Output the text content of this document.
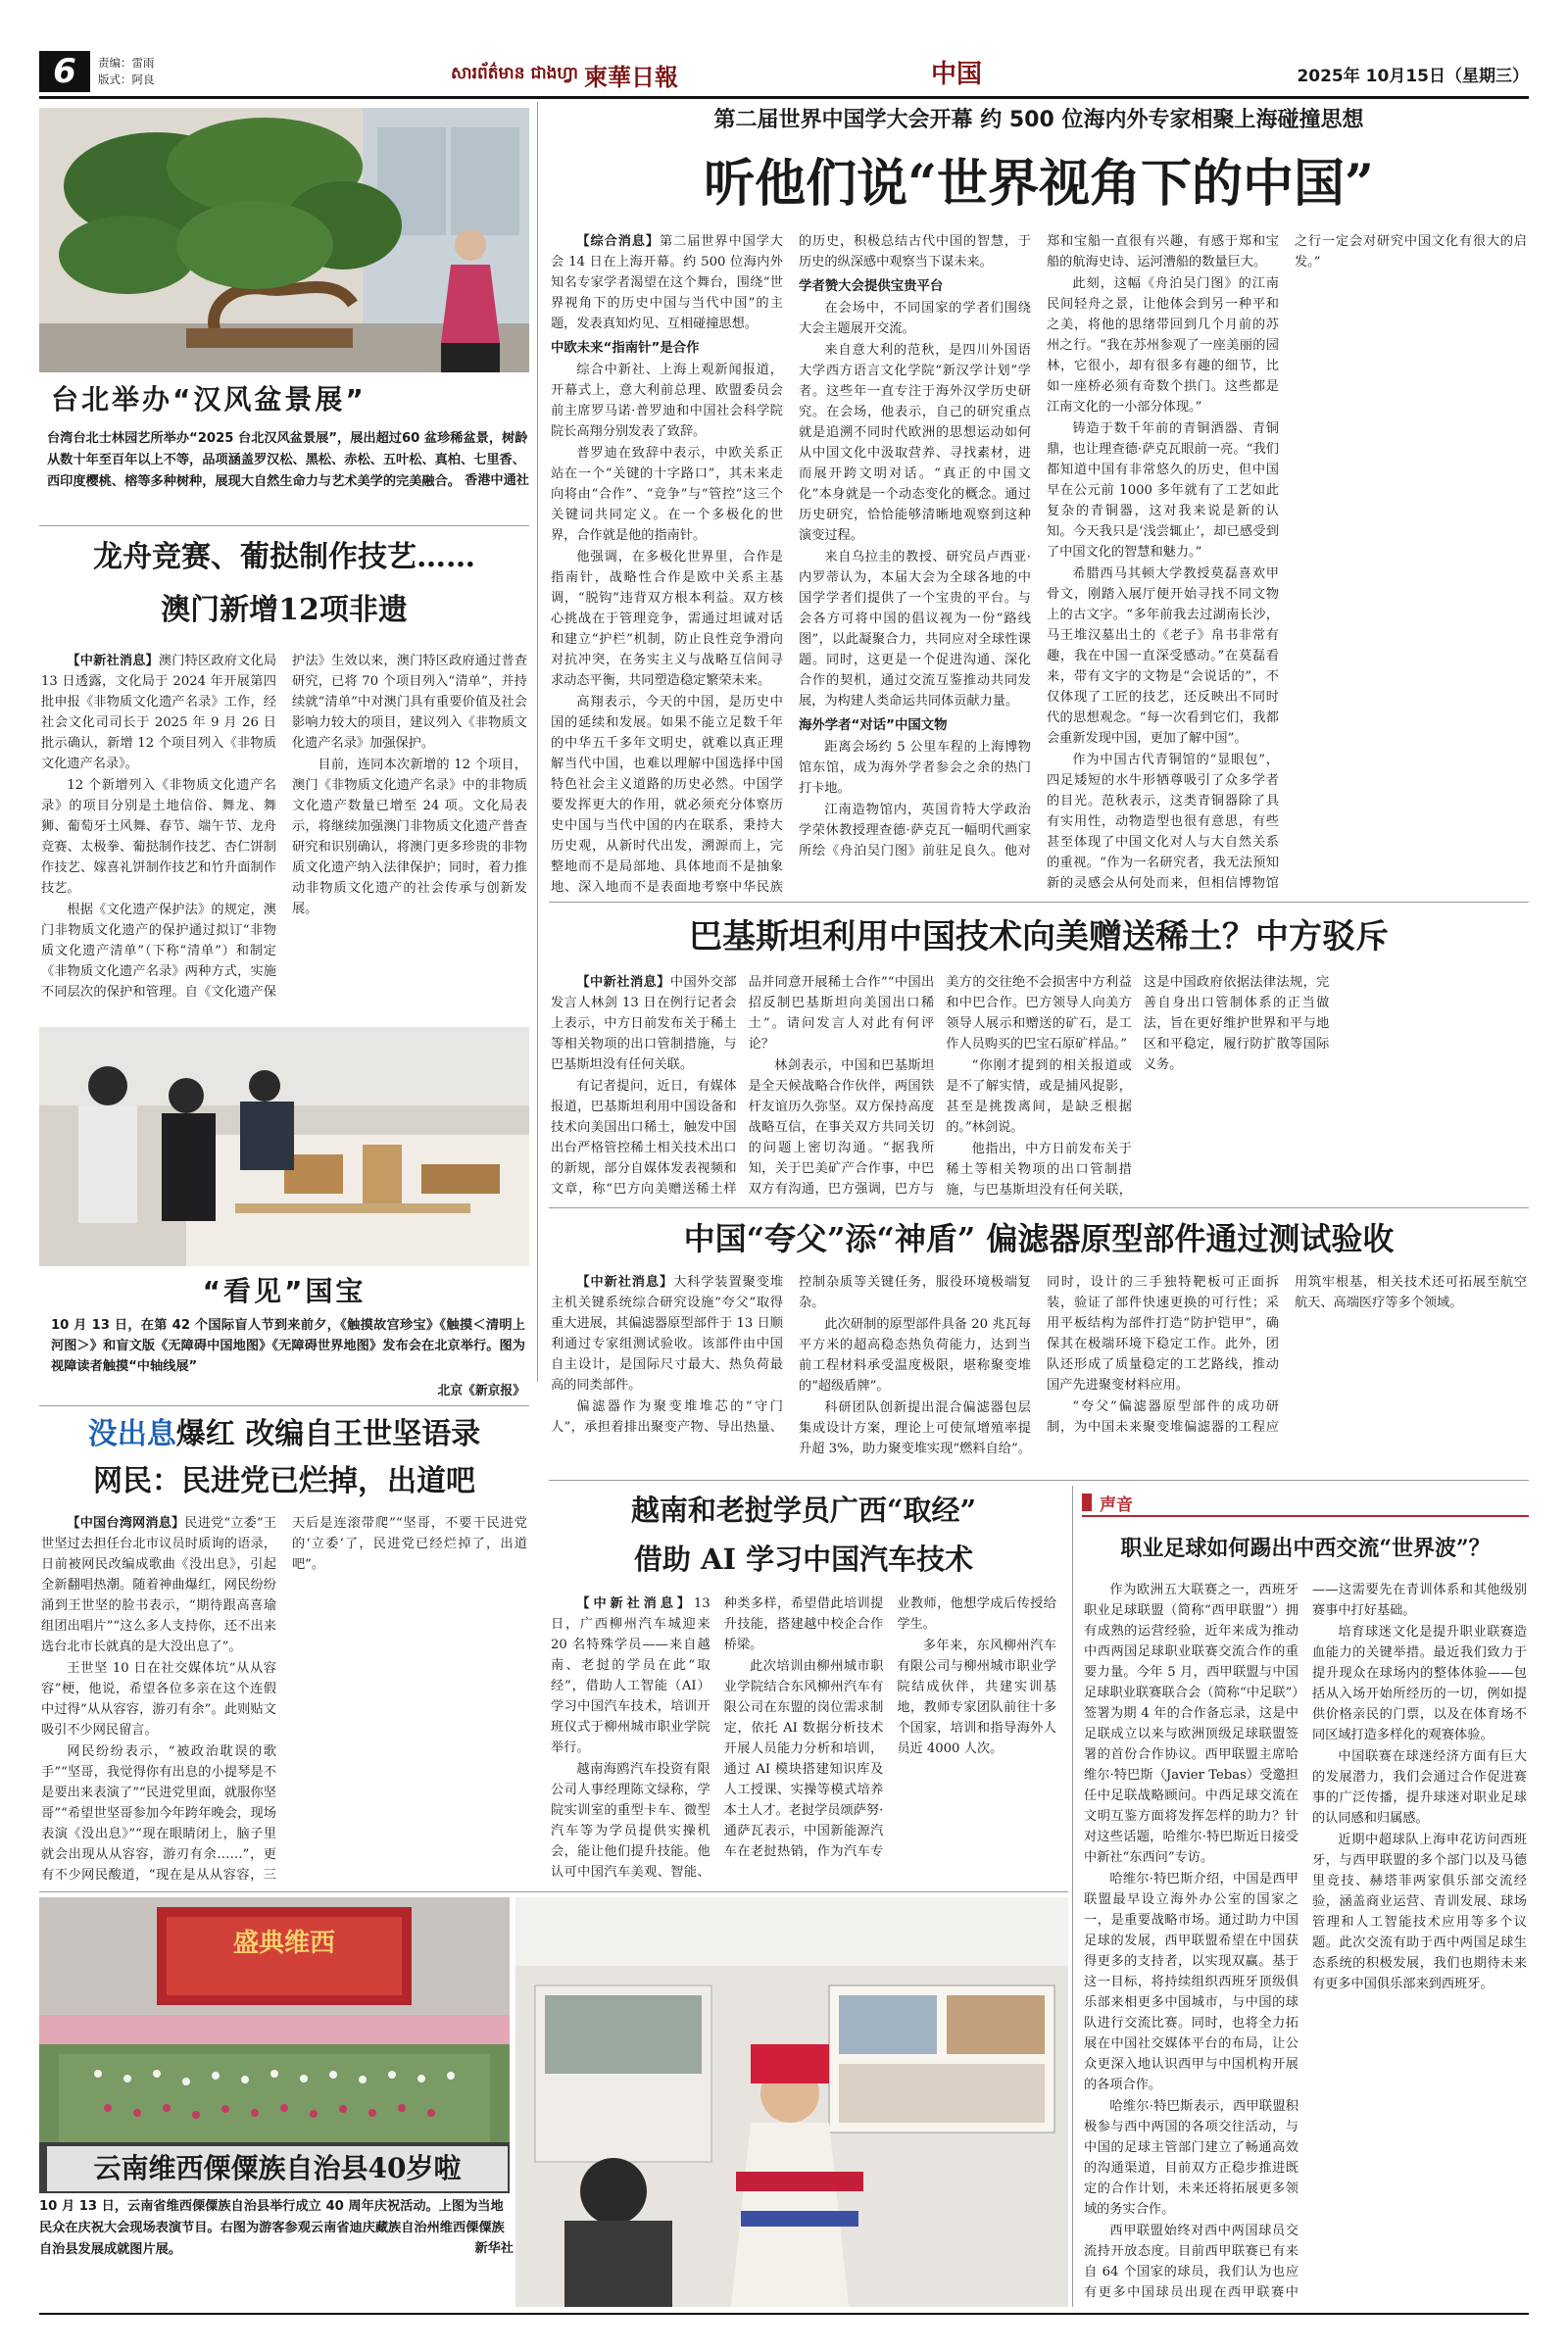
6	责编：雷雨
版式：阿良	សារព័ត៌មាន ជាងហ្វា 柬華日報	中国	2025年 10月15日（星期三）
台北举办“汉风盆景展”
台湾台北士林园艺所举办“2025 台北汉风盆景展”，展出超过60 盆珍稀盆景，树龄从数十年至百年以上不等，品项涵盖罗汉松、黑松、赤松、五叶松、真柏、七里香、西印度樱桃、榕等多种树种，展现大自然生命力与艺术美学的完美融合。 香港中通社
龙舟竞赛、葡挞制作技艺……
澳门新增12项非遗

【中新社消息】澳门特区政府文化局 13 日透露，文化局于 2024 年开展第四批申报《非物质文化遗产名录》工作，经社会文化司司长于 2025 年 9 月 26 日批示确认，新增 12 个项目列入《非物质文化遗产名录》。

12 个新增列入《非物质文化遗产名录》的项目分别是土地信俗、舞龙、舞狮、葡萄牙土风舞、春节、端午节、龙舟竞赛、太极拳、葡挞制作技艺、杏仁饼制作技艺、嫁喜礼饼制作技艺和竹升面制作技艺。

根据《文化遗产保护法》的规定，澳门非物质文化遗产的保护通过拟订“非物质文化遗产清单”（下称“清单”）和制定《非物质文化遗产名录》两种方式，实施不同层次的保护和管理。自《文化遗产保护法》生效以来，澳门特区政府通过普查研究，已将 70 个项目列入“清单”，并持续就“清单”中对澳门具有重要价值及社会影响力较大的项目，建议列入《非物质文化遗产名录》加强保护。

目前，连同本次新增的 12 个项目，澳门《非物质文化遗产名录》中的非物质文化遗产数量已增至 24 项。文化局表示，将继续加强澳门非物质文化遗产普查研究和识别确认，将澳门更多珍贵的非物质文化遗产纳入法律保护；同时，着力推动非物质文化遗产的社会传承与创新发展。

“看见”国宝
10 月 13 日，在第 42 个国际盲人节到来前夕，《触摸故宫珍宝》《触摸＜清明上河图＞》和盲文版《无障碍中国地图》《无障碍世界地图》发布会在北京举行。图为视障读者触摸“中轴线展”
北京《新京报》
没出息爆红 改编自王世坚语录
网民：民进党已烂掉，出道吧

【中国台湾网消息】民进党“立委”王世坚过去担任台北市议员时质询的语录，日前被网民改编成歌曲《没出息》，引起全新翻唱热潮。随着神曲爆红，网民纷纷涌到王世坚的脸书表示，“期待跟高喜瑜组团出唱片”“这么多人支持你，还不出来选台北市长就真的是大没出息了”。

王世坚 10 日在社交媒体坑“从从容容”梗，他说，希望各位多亲在这个连假中过得“从从容容，游刃有余”。此则贴文吸引不少网民留言。

网民纷纷表示，“被政治耽误的歌手”“坚哥，我觉得你有出息的小提琴是不是要出来表演了”“民进党里面，就服你坚哥”“希望世坚哥参加今年跨年晚会，现场表演《没出息》”“现在眼睛闭上，脑子里就会出现从从容容，游刃有余……”，更有不少网民酸道，“现在是从从容容，三天后是连滚带爬”“坚哥，不要干民进党的‘立委’了，民进党已经烂掉了，出道吧”。

第二届世界中国学大会开幕 约 500 位海内外专家相聚上海碰撞思想
听他们说“世界视角下的中国”

【综合消息】第二届世界中国学大会 14 日在上海开幕。约 500 位海内外知名专家学者渴望在这个舞台，围绕“世界视角下的历史中国与当代中国”的主题，发表真知灼见、互相碰撞思想。

中欧未来“指南针”是合作

综合中新社、上海上观新闻报道，开幕式上，意大利前总理、欧盟委员会前主席罗马诺·普罗迪和中国社会科学院院长高翔分别发表了致辞。

普罗迪在致辞中表示，中欧关系正站在一个“关键的十字路口”，其未来走向将由“合作”、“竞争”与“管控”这三个关键词共同定义。在一个多极化的世界，合作就是他的指南针。

他强调，在多极化世界里，合作是指南针，战略性合作是欧中关系主基调，“脱钩”违背双方根本利益。双方核心挑战在于管理竞争，需通过坦诚对话和建立“护栏”机制，防止良性竞争滑向对抗冲突，在务实主义与战略互信间寻求动态平衡，共同塑造稳定繁荣未来。

高翔表示，今天的中国，是历史中国的延续和发展。如果不能立足数千年的中华五千多年文明史，就难以真正理解当代中国，也难以理解中国选择中国特色社会主义道路的历史必然。中国学要发挥更大的作用，就必须充分体察历史中国与当代中国的内在联系，秉持大历史观，从新时代出发，溯源而上，完整地而不是局部地、具体地而不是抽象地、深入地而不是表面地考察中华民族的历史，积极总结古代中国的智慧，于历史的纵深感中观察当下谋未来。

学者赞大会提供宝贵平台

在会场中，不同国家的学者们围绕大会主题展开交流。

来自意大利的范秋，是四川外国语大学西方语言文化学院“新汉学计划”学者。这些年一直专注于海外汉学历史研究。在会场，他表示，自己的研究重点就是追溯不同时代欧洲的思想运动如何从中国文化中汲取营养、寻找素材，进而展开跨文明对话。“真正的中国文化”本身就是一个动态变化的概念。通过历史研究，恰恰能够清晰地观察到这种演变过程。

来自乌拉圭的教授、研究员卢西亚·内罗蒂认为，本届大会为全球各地的中国学学者们提供了一个宝贵的平台。与会各方可将中国的倡议视为一份“路线图”，以此凝聚合力，共同应对全球性课题。同时，这更是一个促进沟通、深化合作的契机，通过交流互鉴推动共同发展，为构建人类命运共同体贡献力量。

海外学者“对话”中国文物

距离会场约 5 公里车程的上海博物馆东馆，成为海外学者参会之余的热门打卡地。

江南造物馆内，英国肯特大学政治学荣休教授理查德·萨克瓦一幅明代画家所绘《舟泊吴门图》前驻足良久。他对郑和宝船一直很有兴趣，有感于郑和宝船的航海史诗、运河漕船的数量巨大。

此刻，这幅《舟泊吴门图》的江南民间轻舟之景，让他体会到另一种平和之美，将他的思绪带回到几个月前的苏州之行。“我在苏州参观了一座美丽的园林，它很小，却有很多有趣的细节，比如一座桥必须有奇数个拱门。这些都是江南文化的一小部分体现。”

铸造于数千年前的青铜酒器、青铜鼎，也让理查德·萨克瓦眼前一亮。“我们都知道中国有非常悠久的历史，但中国早在公元前 1000 多年就有了工艺如此复杂的青铜器，这对我来说是新的认知。今天我只是‘浅尝辄止’，却已感受到了中国文化的智慧和魅力。”

希腊西马其顿大学教授莫磊喜欢甲骨文，刚踏入展厅便开始寻找不同文物上的古文字。“多年前我去过湖南长沙，马王堆汉墓出土的《老子》帛书非常有趣，我在中国一直深受感动。”在莫磊看来，带有文字的文物是“会说话的”，不仅体现了工匠的技艺，还反映出不同时代的思想观念。“每一次看到它们，我都会重新发现中国，更加了解中国”。

作为中国古代青铜馆的“显眼包”，四足矮短的水牛形牺尊吸引了众多学者的目光。范秋表示，这类青铜器除了具有实用性，动物造型也很有意思，有些甚至体现了中国文化对人与大自然关系的重视。“作为一名研究者，我无法预知新的灵感会从何处而来，但相信博物馆之行一定会对研究中国文化有很大的启发。”

巴基斯坦利用中国技术向美赠送稀土？中方驳斥

【中新社消息】中国外交部发言人林剑 13 日在例行记者会上表示，中方日前发布关于稀土等相关物项的出口管制措施，与巴基斯坦没有任何关联。

有记者提问，近日，有媒体报道，巴基斯坦利用中国设备和技术向美国出口稀土，触发中国出台严格管控稀土相关技术出口的新规，部分自媒体发表视频和文章，称“巴方向美赠送稀土样品并同意开展稀土合作”“中国出招反制巴基斯坦向美国出口稀土”。请问发言人对此有何评论？

林剑表示，中国和巴基斯坦是全天候战略合作伙伴，两国铁杆友谊历久弥坚。双方保持高度战略互信，在事关双方共同关切的问题上密切沟通。“据我所知，关于巴美矿产合作事，中巴双方有沟通，巴方强调，巴方与美方的交往绝不会损害中方利益和中巴合作。巴方领导人向美方领导人展示和赠送的矿石，是工作人员购买的巴宝石原矿样品。”

“你刚才提到的相关报道或是不了解实情，或是捕风捉影，甚至是挑拨离间，是缺乏根据的。”林剑说。

他指出，中方日前发布关于稀土等相关物项的出口管制措施，与巴基斯坦没有任何关联，这是中国政府依据法律法规，完善自身出口管制体系的正当做法，旨在更好维护世界和平与地区和平稳定，履行防扩散等国际义务。

中国“夸父”添“神盾” 偏滤器原型部件通过测试验收

【中新社消息】大科学装置聚变堆主机关键系统综合研究设施“夸父”取得重大进展，其偏滤器原型部件于 13 日顺利通过专家组测试验收。该部件由中国自主设计，是国际尺寸最大、热负荷最高的同类部件。

偏滤器作为聚变堆堆芯的“守门人”，承担着排出聚变产物、导出热量、控制杂质等关键任务，服役环境极端复杂。

此次研制的原型部件具备 20 兆瓦每平方米的超高稳态热负荷能力，达到当前工程材料承受温度极限，堪称聚变堆的“超级盾牌”。

科研团队创新提出混合偏滤器包层集成设计方案，理论上可使氚增殖率提升超 3%，助力聚变堆实现“燃料自给”。同时，设计的三手独特靶板可正面拆装，验证了部件快速更换的可行性；采用平板结构为部件打造“防护铠甲”，确保其在极端环境下稳定工作。此外，团队还形成了质量稳定的工艺路线，推动国产先进聚变材料应用。

“夸父”偏滤器原型部件的成功研制，为中国未来聚变堆偏滤器的工程应用筑牢根基，相关技术还可拓展至航空航天、高端医疗等多个领域。

越南和老挝学员广西“取经”
借助 AI 学习中国汽车技术

【中新社消息】13 日，广西柳州汽车城迎来 20 名特殊学员——来自越南、老挝的学员在此“取经”，借助人工智能（AI）学习中国汽车技术，培训开班仪式于柳州城市职业学院举行。

越南海鸥汽车投资有限公司人事经理陈文绿称，学院实训室的重型卡车、微型汽车等为学员提供实操机会，能让他们提升技能。他认可中国汽车美观、智能、种类多样，希望借此培训提升技能，搭建越中校企合作桥梁。

此次培训由柳州城市职业学院结合东风柳州汽车有限公司在东盟的岗位需求制定，依托 AI 数据分析技术开展人员能力分析和培训，通过 AI 模块搭建知识库及人工授课、实操等模式培养本土人才。老挝学员颂萨努·通萨瓦表示，中国新能源汽车在老挝热销，作为汽车专业教师，他想学成后传授给学生。

多年来，东风柳州汽车有限公司与柳州城市职业学院结成伙伴，共建实训基地，教师专家团队前往十多个国家，培训和指导海外人员近 4000 人次。

声音
职业足球如何踢出中西交流“世界波”？

作为欧洲五大联赛之一，西班牙职业足球联盟（简称“西甲联盟”）拥有成熟的运营经验，近年来成为推动中西两国足球职业联赛交流合作的重要力量。今年 5 月，西甲联盟与中国足球职业联赛联合会（简称“中足联”）签署为期 4 年的合作备忘录，这是中足联成立以来与欧洲顶级足球联盟签署的首份合作协议。西甲联盟主席哈维尔·特巴斯（Javier Tebas）受邀担任中足联战略顾问。中西足球交流在文明互鉴方面将发挥怎样的助力？针对这些话题，哈维尔·特巴斯近日接受中新社“东西问”专访。

哈维尔·特巴斯介绍，中国是西甲联盟最早设立海外办公室的国家之一，是重要战略市场。通过助力中国足球的发展，西甲联盟希望在中国获得更多的支持者，以实现双赢。基于这一目标，将持续组织西班牙顶级俱乐部来相更多中国城市，与中国的球队进行交流比赛。同时，也将全力拓展在中国社交媒体平台的布局，让公众更深入地认识西甲与中国机构开展的各项合作。

哈维尔·特巴斯表示，西甲联盟积极参与西中两国的各项交往活动，与中国的足球主管部门建立了畅通高效的沟通渠道，目前双方正稳步推进既定的合作计划，未来还将拓展更多领域的务实合作。

西甲联盟始终对西中两国球员交流持开放态度。目前西甲联赛已有来自 64 个国家的球员，我们认为也应有更多中国球员出现在西甲联赛中——这需要先在青训体系和其他级别赛事中打好基础。

培育球迷文化是提升职业联赛造血能力的关键举措。最近我们致力于提升现众在球场内的整体体验——包括从入场开始所经历的一切，例如提供价格亲民的门票，以及在体育场不同区域打造多样化的观赛体验。

中国联赛在球迷经济方面有巨大的发展潜力，我们会通过合作促进赛事的广泛传播，提升球迷对职业足球的认同感和归属感。

近期中超球队上海申花访问西班牙，与西甲联盟的多个部门以及马德里竞技、赫塔菲两家俱乐部交流经验，涵盖商业运营、青训发展、球场管理和人工智能技术应用等多个议题。此次交流有助于西中两国足球生态系统的积极发展，我们也期待未来有更多中国俱乐部来到西班牙。

盛典维西
云南维西傈僳族自治县40岁啦
10 月 13 日，云南省维西傈僳族自治县举行成立 40 周年庆祝活动。上图为当地民众在庆祝大会现场表演节目。右图为游客参观云南省迪庆藏族自治州维西傈僳族自治县发展成就图片展。	新华社
